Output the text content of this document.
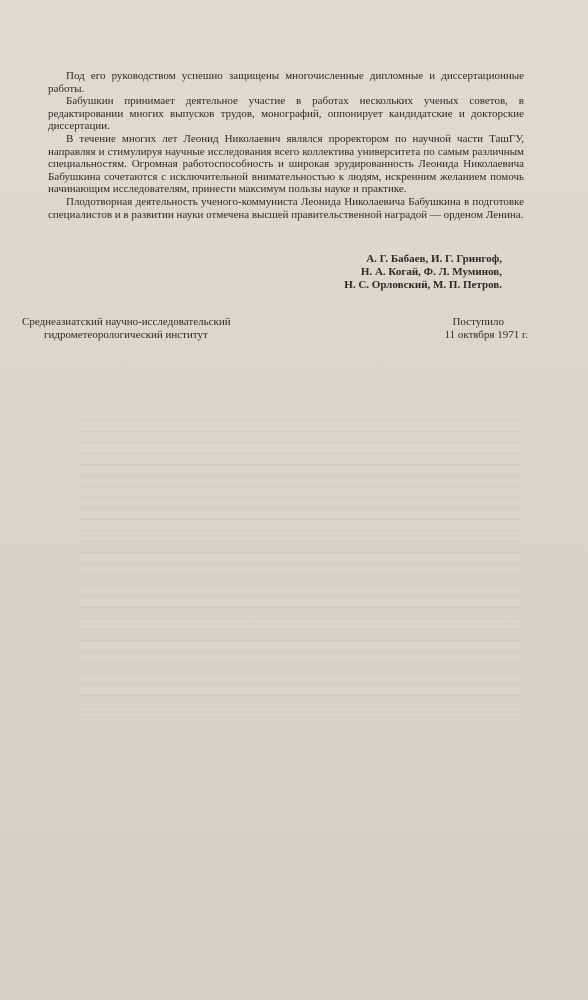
Под его руководством успешно защищены многочисленные дипломные и диссертационные работы.

Бабушкин принимает деятельное участие в работах нескольких ученых советов, в редактировании многих выпусков трудов, монографий, оппонирует кандидатские и докторские диссертации.

В течение многих лет Леонид Николаевич являлся проректором по научной части ТашГУ, направляя и стимулируя научные исследования всего коллектива университета по самым различным специальностям. Огромная работоспособность и широкая эрудированность Леонида Николаевича Бабушкина сочетаются с исключительной внимательностью к людям, искренним желанием помочь начинающим исследователям, принести максимум пользы науке и практике.

Плодотворная деятельность ученого-коммуниста Леонида Николаевича Бабушкина в подготовке специалистов и в развитии науки отмечена высшей правительственной наградой — орденом Ленина.

А. Г. Бабаев, И. Г. Грингоф,
Н. А. Когай, Ф. Л. Муминов,
Н. С. Орловский, М. П. Петров.
Среднеазиатский научно-исследовательский
гидрометеорологический институт
Поступило
11 октября 1971 г.
